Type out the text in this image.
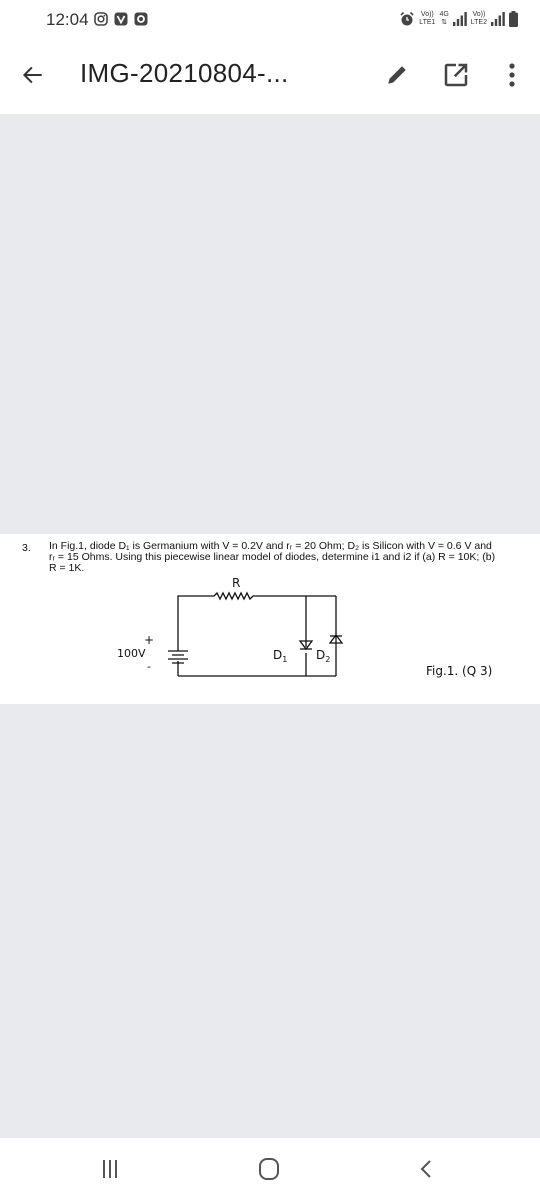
12:04	Vo))
LTE1
4G
⇅
Vo))
LTE2
IMG-20210804-...
3. In Fig.1, diode D₁ is Germanium with V = 0.2V and rᵣ = 20 Ohm; D₂ is Silicon with V = 0.6 V and
rᵣ = 15 Ohms. Using this piecewise linear model of diodes, determine i1 and i2 if (a) R = 10K; (b)
R = 1K.
R
+
100V
-
$D_1$ $D_2$
Fig.1. (Q 3)
